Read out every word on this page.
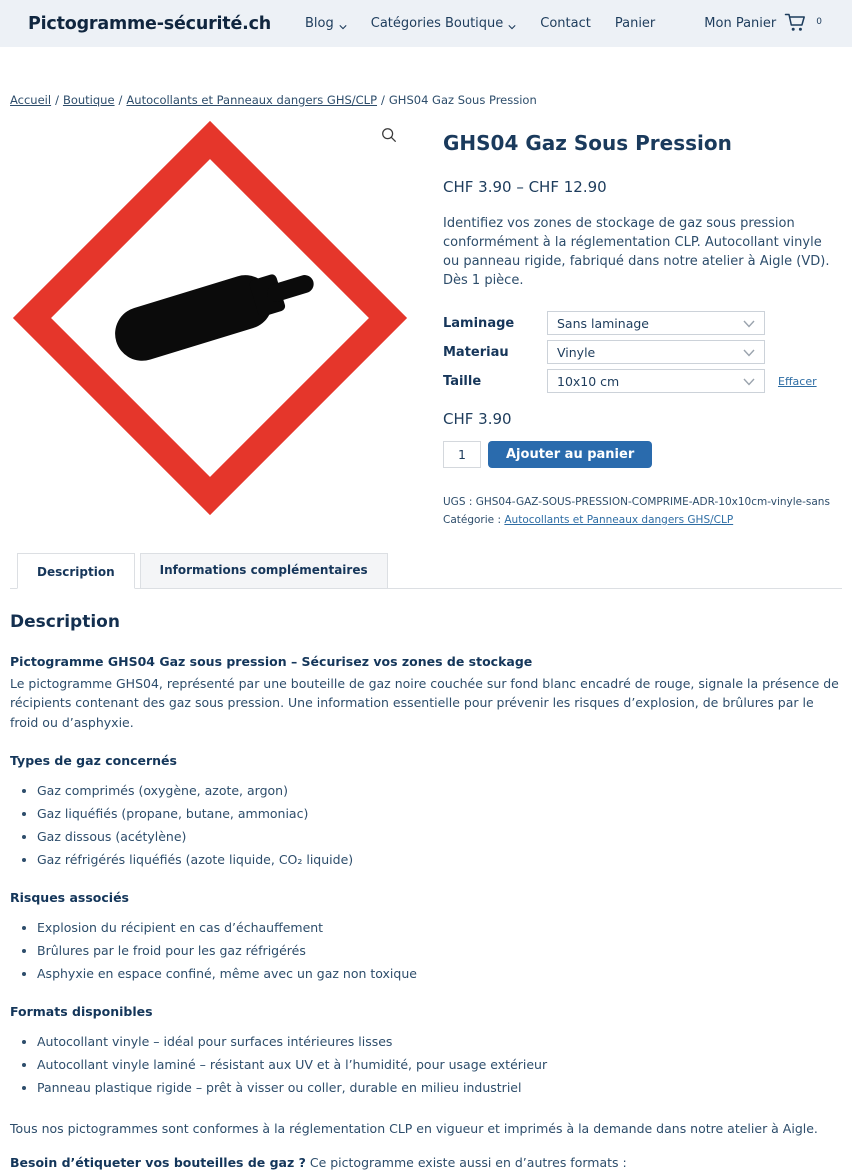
Pictogramme-sécurité.ch	Blog	Catégories Boutique	Contact Panier	Mon Panier	0
Accueil / Boutique / Autocollants et Panneaux dangers GHS/CLP / GHS04 Gaz Sous Pression
GHS04 Gaz Sous Pression
CHF 3.90 – CHF 12.90

Identifiez vos zones de stockage de gaz sous pression conformément à la réglementation CLP. Autocollant vinyle ou panneau rigide, fabriqué dans notre atelier à Aigle (VD). Dès 1 pièce.

Laminage	Sans laminage
Materiau	Vinyle
Taille	10x10 cm	Effacer
CHF 3.90
1
Ajouter au panier
UGS : GHS04-GAZ-SOUS-PRESSION-COMPRIME-ADR-10x10cm-vinyle-sans
Catégorie : Autocollants et Panneaux dangers GHS/CLP
Description	Informations complémentaires
Description
Pictogramme GHS04 Gaz sous pression – Sécurisez vos zones de stockage

Le pictogramme GHS04, représenté par une bouteille de gaz noire couchée sur fond blanc encadré de rouge, signale la présence de récipients contenant des gaz sous pression. Une information essentielle pour prévenir les risques d’explosion, de brûlures par le froid ou d’asphyxie.

Types de gaz concernés
• Gaz comprimés (oxygène, azote, argon)
• Gaz liquéfiés (propane, butane, ammoniac)
• Gaz dissous (acétylène)
• Gaz réfrigérés liquéfiés (azote liquide, CO₂ liquide)
Risques associés
• Explosion du récipient en cas d’échauffement
• Brûlures par le froid pour les gaz réfrigérés
• Asphyxie en espace confiné, même avec un gaz non toxique
Formats disponibles
• Autocollant vinyle – idéal pour surfaces intérieures lisses
• Autocollant vinyle laminé – résistant aux UV et à l’humidité, pour usage extérieur
• Panneau plastique rigide – prêt à visser ou coller, durable en milieu industriel

Tous nos pictogrammes sont conformes à la réglementation CLP en vigueur et imprimés à la demande dans notre atelier à Aigle.

Besoin d’étiqueter vos bouteilles de gaz ? Ce pictogramme existe aussi en d’autres formats :
